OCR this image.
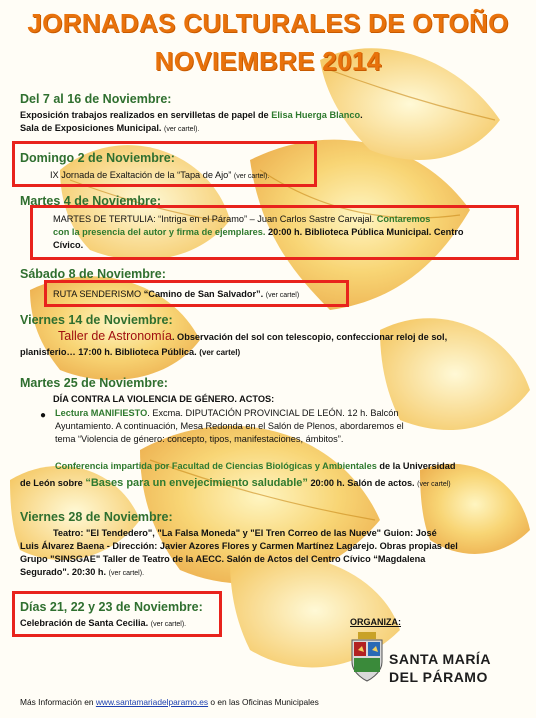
JORNADAS CULTURALES DE OTOÑO
NOVIEMBRE 2014
Del 7 al 16 de Noviembre:
Exposición trabajos realizados en servilletas de papel de Elisa Huerga Blanco.
Sala de Exposiciones Municipal. (ver cartel).
Domingo 2 de Noviembre:
IX Jornada de Exaltación de la “Tapa de Ajo” (ver cartel).
Martes 4 de Noviembre:
MARTES DE TERTULIA: “Intriga en el Páramo” – Juan Carlos Sastre Carvajal. Contaremos
con la presencia del autor y firma de ejemplares. 20:00 h. Biblioteca Pública Municipal. Centro
Cívico.
Sábado 8 de Noviembre:
RUTA SENDERISMO “Camino de San Salvador”. (ver cartel)
Viernes 14 de Noviembre:
Taller de Astronomía. Observación del sol con telescopio, confeccionar reloj de sol,
planisferio… 17:00 h. Biblioteca Pública. (ver cartel)
Martes 25 de Noviembre:
DÍA CONTRA LA VIOLENCIA DE GÉNERO. ACTOS:
● Lectura MANIFIESTO. Excma. DIPUTACIÓN PROVINCIAL DE LEÓN. 12 h. Balcón
Ayuntamiento. A continuación, Mesa Redonda en el Salón de Plenos, abordaremos el
tema “Violencia de género: concepto, tipos, manifestaciones, ámbitos”.
Conferencia impartida por Facultad de Ciencias Biológicas y Ambientales de la Universidad
de León sobre “Bases para un envejecimiento saludable” 20:00 h. Salón de actos. (ver cartel)
Viernes 28 de Noviembre:
Teatro: "El Tendedero", "La Falsa Moneda" y "El Tren Correo de las Nueve" Guion: José
Luis Álvarez Baena - Dirección: Javier Azores Flores y Carmen Martínez Lagarejo. Obras propias del
Grupo "SINSGAE" Taller de Teatro de la AECC. Salón de Actos del Centro Cívico “Magdalena
Segurado". 20:30 h. (ver cartel).
Días 21, 22 y 23 de Noviembre:
Celebración de Santa Cecilia. (ver cartel).	ORGANIZA:
SANTA MARÍA
DEL PÁRAMO
Más Información en www.santamariadelparamo.es o en las Oficinas Municipales
